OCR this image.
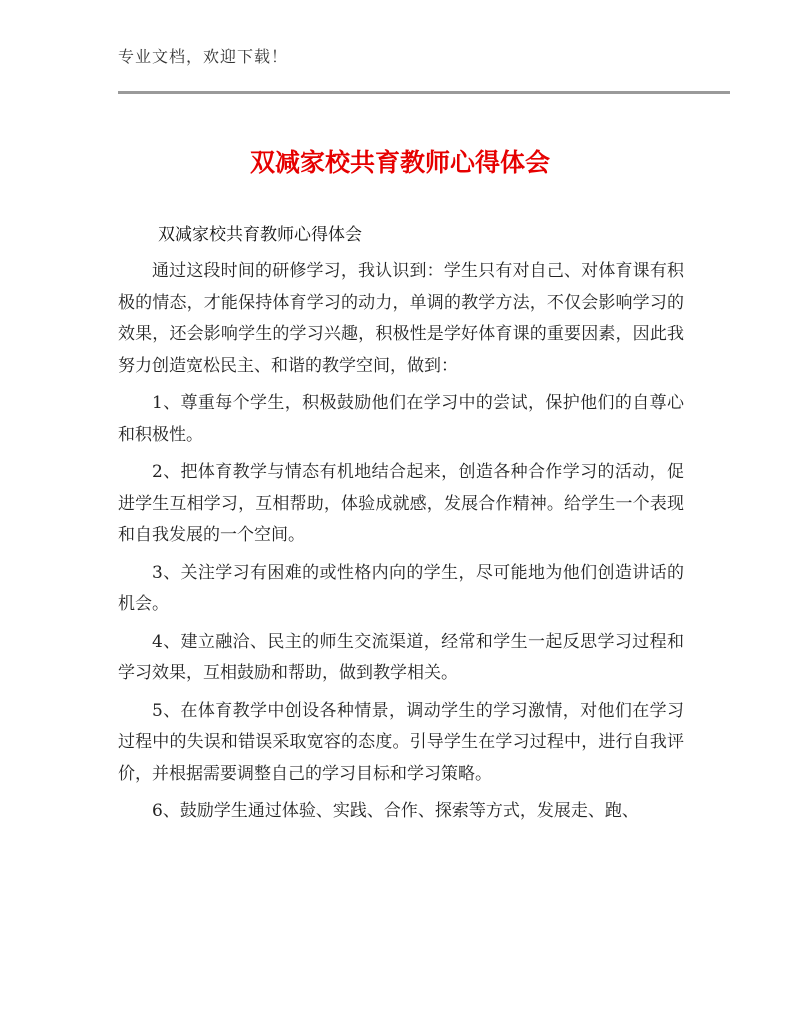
专业文档，欢迎下载！
双减家校共育教师心得体会
双减家校共育教师心得体会

通过这段时间的研修学习，我认识到：学生只有对自己、对体育课有积极的情态，才能保持体育学习的动力，单调的教学方法，不仅会影响学习的效果，还会影响学生的学习兴趣，积极性是学好体育课的重要因素，因此我努力创造宽松民主、和谐的教学空间，做到：

1、尊重每个学生，积极鼓励他们在学习中的尝试，保护他们的自尊心和积极性。

2、把体育教学与情态有机地结合起来，创造各种合作学习的活动，促进学生互相学习，互相帮助，体验成就感，发展合作精神。给学生一个表现和自我发展的一个空间。

3、关注学习有困难的或性格内向的学生，尽可能地为他们创造讲话的机会。

4、建立融洽、民主的师生交流渠道，经常和学生一起反思学习过程和学习效果，互相鼓励和帮助，做到教学相关。

5、在体育教学中创设各种情景，调动学生的学习激情，对他们在学习过程中的失误和错误采取宽容的态度。引导学生在学习过程中，进行自我评价，并根据需要调整自己的学习目标和学习策略。

6、鼓励学生通过体验、实践、合作、探索等方式，发展走、跑、
